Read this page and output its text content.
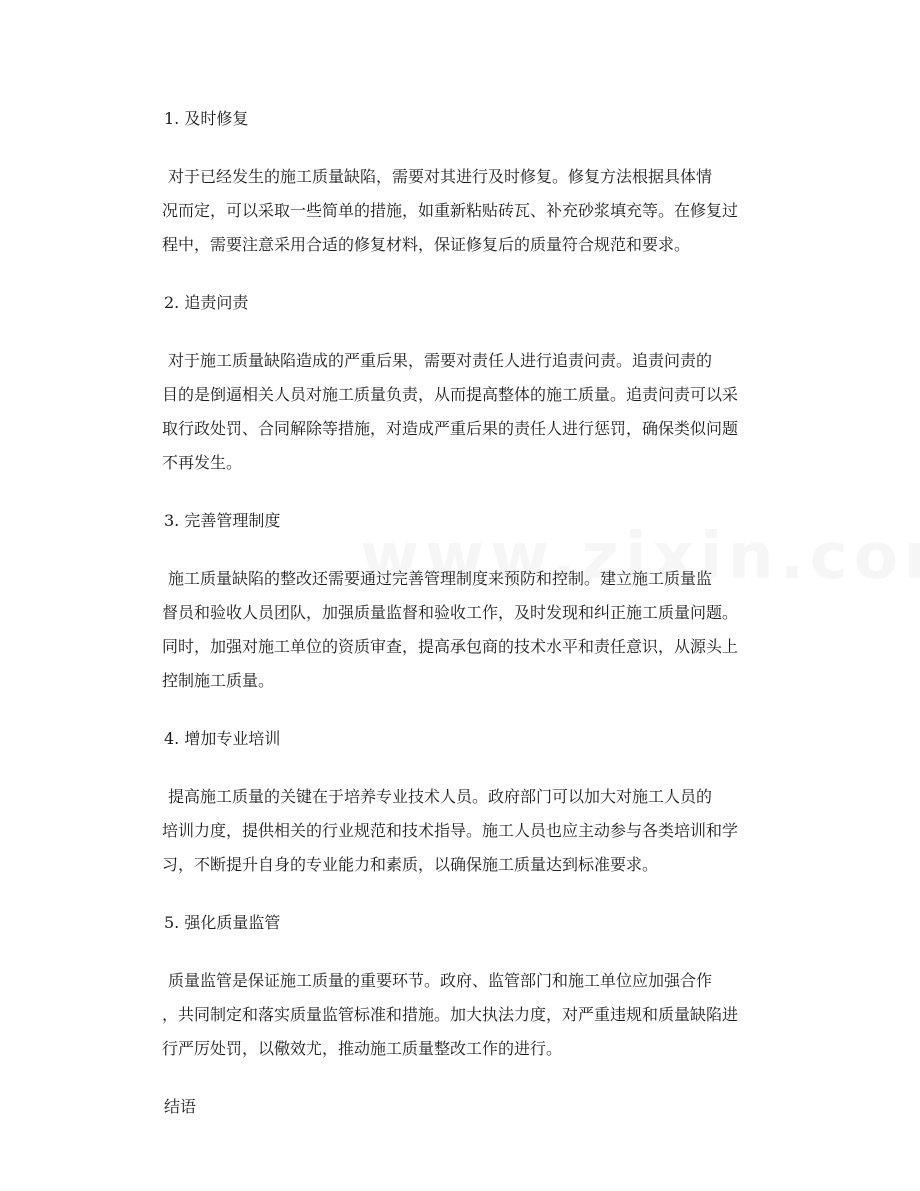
1. 及时修复
对于已经发生的施工质量缺陷，需要对其进行及时修复。修复方法根据具体情
况而定，可以采取一些简单的措施，如重新粘贴砖瓦、补充砂浆填充等。在修复过
程中，需要注意采用合适的修复材料，保证修复后的质量符合规范和要求。
2. 追责问责
对于施工质量缺陷造成的严重后果，需要对责任人进行追责问责。追责问责的
目的是倒逼相关人员对施工质量负责，从而提高整体的施工质量。追责问责可以采
取行政处罚、合同解除等措施，对造成严重后果的责任人进行惩罚，确保类似问题
不再发生。
3. 完善管理制度
施工质量缺陷的整改还需要通过完善管理制度来预防和控制。建立施工质量监
督员和验收人员团队，加强质量监督和验收工作，及时发现和纠正施工质量问题。
同时，加强对施工单位的资质审查，提高承包商的技术水平和责任意识，从源头上
控制施工质量。
4. 增加专业培训
提高施工质量的关键在于培养专业技术人员。政府部门可以加大对施工人员的
培训力度，提供相关的行业规范和技术指导。施工人员也应主动参与各类培训和学
习，不断提升自身的专业能力和素质，以确保施工质量达到标准要求。
5. 强化质量监管
质量监管是保证施工质量的重要环节。政府、监管部门和施工单位应加强合作
，共同制定和落实质量监管标准和措施。加大执法力度，对严重违规和质量缺陷进
行严厉处罚，以儆效尤，推动施工质量整改工作的进行。
结语
